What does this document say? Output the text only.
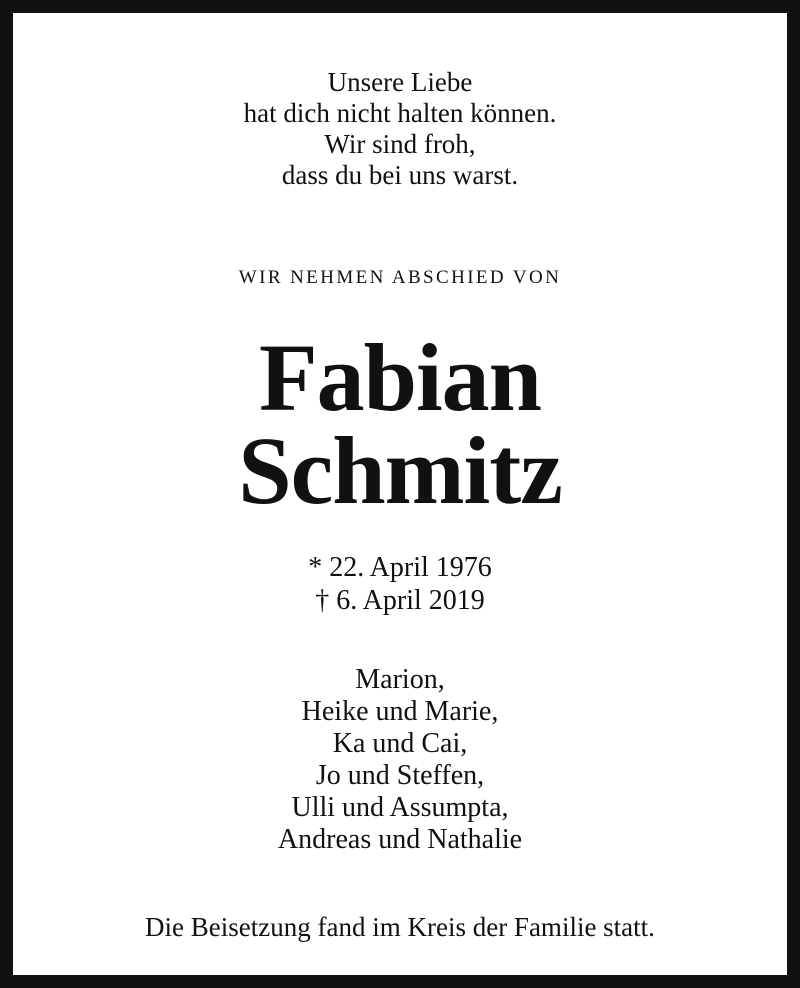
Unsere Liebe
hat dich nicht halten können.
Wir sind froh,
dass du bei uns warst.
WIR NEHMEN ABSCHIED VON
Fabian
Schmitz
* 22. April 1976
† 6. April 2019
Marion,
Heike und Marie,
Ka und Cai,
Jo und Steffen,
Ulli und Assumpta,
Andreas und Nathalie
Die Beisetzung fand im Kreis der Familie statt.
